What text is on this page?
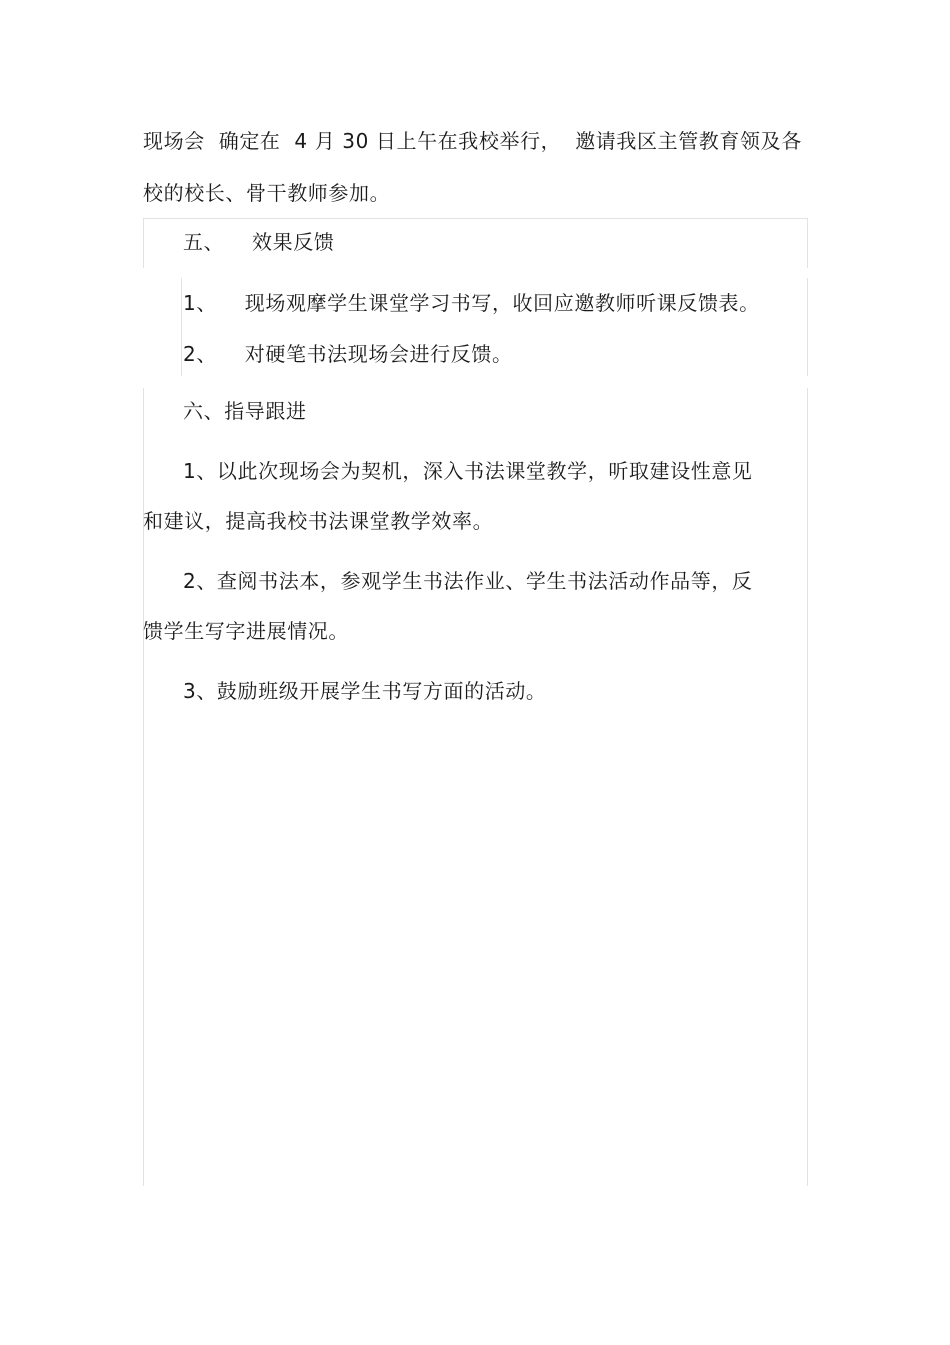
现场会  确定在  4 月 30 日上午在我校举行，  邀请我区主管教育领及各
校的校长、骨干教师参加。
五、    效果反馈
1、    现场观摩学生课堂学习书写，收回应邀教师听课反馈表。
2、    对硬笔书法现场会进行反馈。
六、指导跟进
1、以此次现场会为契机，深入书法课堂教学，听取建设性意见
和建议，提高我校书法课堂教学效率。
2、查阅书法本，参观学生书法作业、学生书法活动作品等，反
馈学生写字进展情况。
3、鼓励班级开展学生书写方面的活动。
